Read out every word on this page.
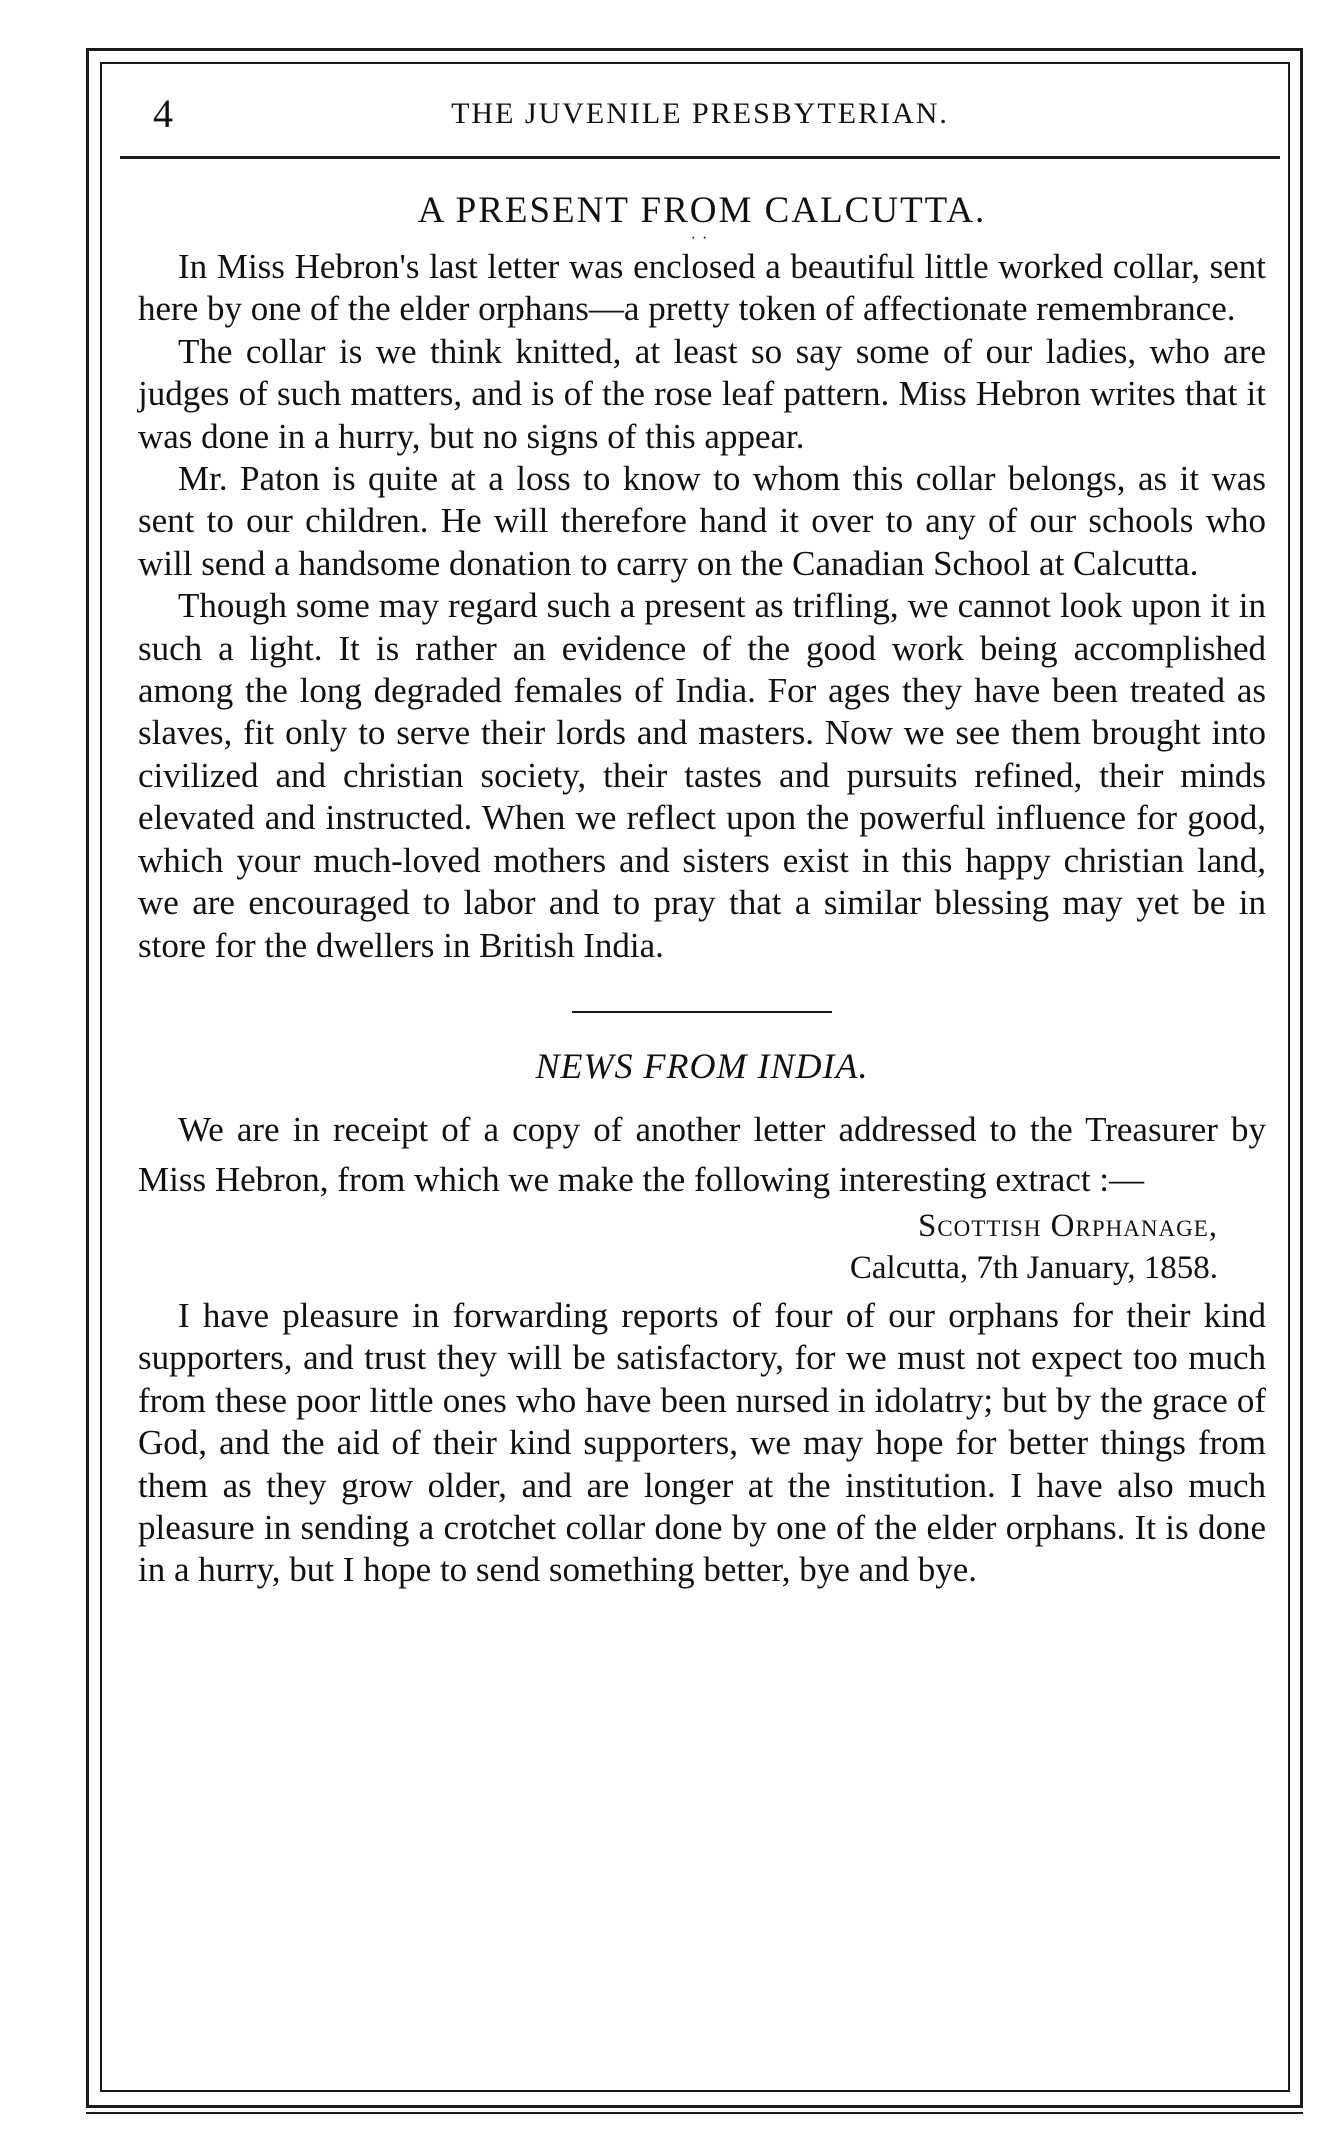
4	THE JUVENILE PRESBYTERIAN.
A PRESENT FROM CALCUTTA.
··

In Miss Hebron's last letter was enclosed a beautiful little worked collar, sent here by one of the elder orphans—a pretty token of affectionate remembrance.

The collar is we think knitted, at least so say some of our ladies, who are judges of such matters, and is of the rose leaf pattern. Miss Hebron writes that it was done in a hurry, but no signs of this appear.

Mr. Paton is quite at a loss to know to whom this collar belongs, as it was sent to our children. He will therefore hand it over to any of our schools who will send a handsome donation to carry on the Canadian School at Calcutta.

Though some may regard such a present as trifling, we cannot look upon it in such a light. It is rather an evidence of the good work being accomplished among the long degraded females of India. For ages they have been treated as slaves, fit only to serve their lords and masters. Now we see them brought into civilized and christian society, their tastes and pursuits refined, their minds elevated and instructed. When we reflect upon the powerful influence for good, which your much-loved mothers and sisters exist in this happy christian land, we are encouraged to labor and to pray that a similar blessing may yet be in store for the dwellers in British India.

NEWS FROM INDIA.

We are in receipt of a copy of another letter addressed to the Treasurer by Miss Hebron, from which we make the following interesting extract :—

Scottish Orphanage,
Calcutta, 7th January, 1858.

I have pleasure in forwarding reports of four of our orphans for their kind supporters, and trust they will be satisfactory, for we must not expect too much from these poor little ones who have been nursed in idolatry; but by the grace of God, and the aid of their kind supporters, we may hope for better things from them as they grow older, and are longer at the institution. I have also much pleasure in sending a crotchet collar done by one of the elder orphans. It is done in a hurry, but I hope to send something better, bye and bye.
